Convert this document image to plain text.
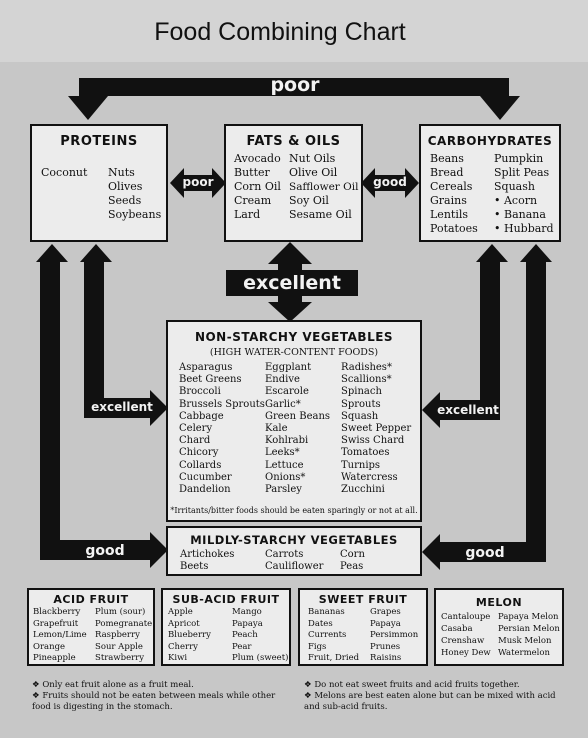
Food Combining Chart
poor
poor	good
excellent
excellent	excellent
good	good
PROTEINS
Coconut Nuts
Olives
Seeds
Soybeans
FATS & OILS
Avocado
Butter
Corn Oil
Cream
Lard
Nut Oils
Olive Oil
Safflower Oil
Soy Oil
Sesame Oil
CARBOHYDRATES
Beans
Bread
Cereals
Grains
Lentils
Potatoes
Pumpkin
Split Peas
Squash
• Acorn
• Banana
• Hubbard
NON-STARCHY VEGETABLES
(HIGH WATER-CONTENT FOODS)
Asparagus
Beet Greens
Broccoli
Brussels Sprouts
Cabbage
Celery
Chard
Chicory
Collards
Cucumber
Dandelion
Eggplant
Endive
Escarole
Garlic*
Green Beans
Kale
Kohlrabi
Leeks*
Lettuce
Onions*
Parsley
Radishes*
Scallions*
Spinach
Sprouts
Squash
Sweet Pepper
Swiss Chard
Tomatoes
Turnips
Watercress
Zucchini
*Irritants/bitter foods should be eaten sparingly or not at all.
MILDLY-STARCHY VEGETABLES
Artichokes
Beets
Carrots
Cauliflower
Corn
Peas
ACID FRUIT
Blackberry
Grapefruit
Lemon/Lime
Orange
Pineapple
Plum (sour)
Pomegranate
Raspberry
Sour Apple
Strawberry
SUB-ACID FRUIT
Apple
Apricot
Blueberry
Cherry
Kiwi
Mango
Papaya
Peach
Pear
Plum (sweet)
SWEET FRUIT
Bananas
Dates
Currents
Figs
Fruit, Dried
Grapes
Papaya
Persimmon
Prunes
Raisins
MELON
Cantaloupe
Casaba
Crenshaw
Honey Dew
Papaya Melon
Persian Melon
Musk Melon
Watermelon
❖ Only eat fruit alone as a fruit meal.
❖ Fruits should not be eaten between meals while other food is digesting in the stomach.
❖ Do not eat sweet fruits and acid fruits together.
❖ Melons are best eaten alone but can be mixed with acid and sub-acid fruits.
